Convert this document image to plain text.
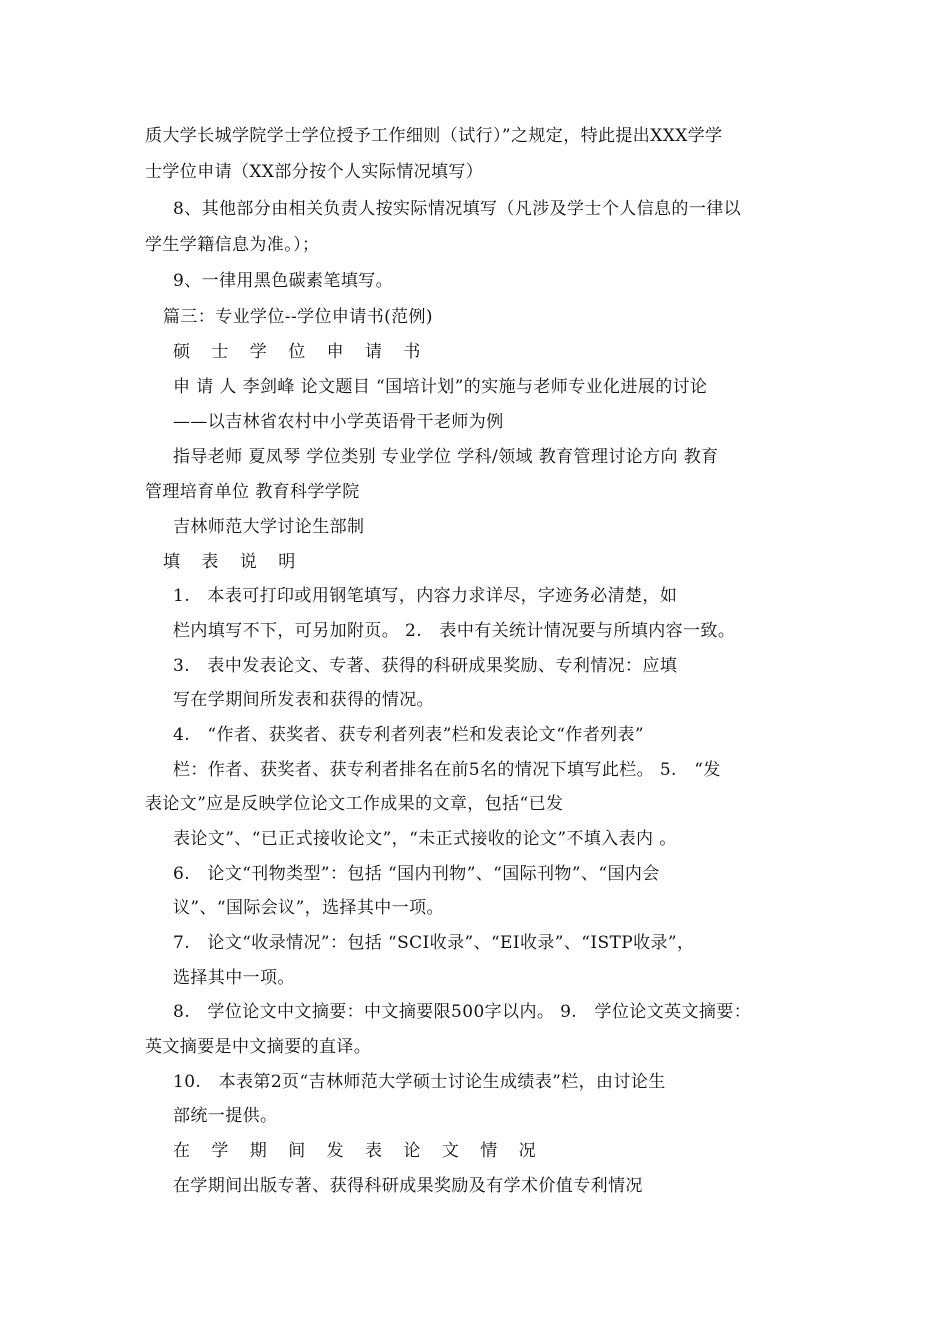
质大学长城学院学士学位授予工作细则（试行）”之规定，特此提出XXX学学
士学位申请（XX部分按个人实际情况填写）
8、其他部分由相关负责人按实际情况填写（凡涉及学士个人信息的一律以
学生学籍信息为准。）；
9、一律用黑色碳素笔填写。
篇三：专业学位--学位申请书(范例)
硕 士 学 位 申 请 书
申 请 人 李剑峰 论文题目 “国培计划”的实施与老师专业化进展的讨论
——以吉林省农村中小学英语骨干老师为例
指导老师 夏凤琴 学位类别 专业学位 学科/领域 教育管理讨论方向 教育
管理培育单位 教育科学学院
吉林师范大学讨论生部制
填 表 说 明
1.　本表可打印或用钢笔填写，内容力求详尽，字迹务必清楚，如
栏内填写不下，可另加附页。 2.　表中有关统计情况要与所填内容一致。
3.　表中发表论文、专著、获得的科研成果奖励、专利情况：应填
写在学期间所发表和获得的情况。
4.　“作者、获奖者、获专利者列表”栏和发表论文“作者列表”
栏：作者、获奖者、获专利者排名在前5名的情况下填写此栏。 5.　“发
表论文”应是反映学位论文工作成果的文章，包括“已发
表论文”、“已正式接收论文”，“未正式接收的论文”不填入表内 。
6.　论文“刊物类型”：包括 “国内刊物”、“国际刊物”、“国内会
议”、“国际会议”，选择其中一项。
7.　论文“收录情况”：包括 “SCI收录”、“EI收录”、“ISTP收录”，
选择其中一项。
8.　学位论文中文摘要：中文摘要限500字以内。 9.　学位论文英文摘要：
英文摘要是中文摘要的直译。
10.　本表第2页“吉林师范大学硕士讨论生成绩表”栏，由讨论生
部统一提供。
在 学 期 间 发 表 论 文 情 况
在学期间出版专著、获得科研成果奖励及有学术价值专利情况
